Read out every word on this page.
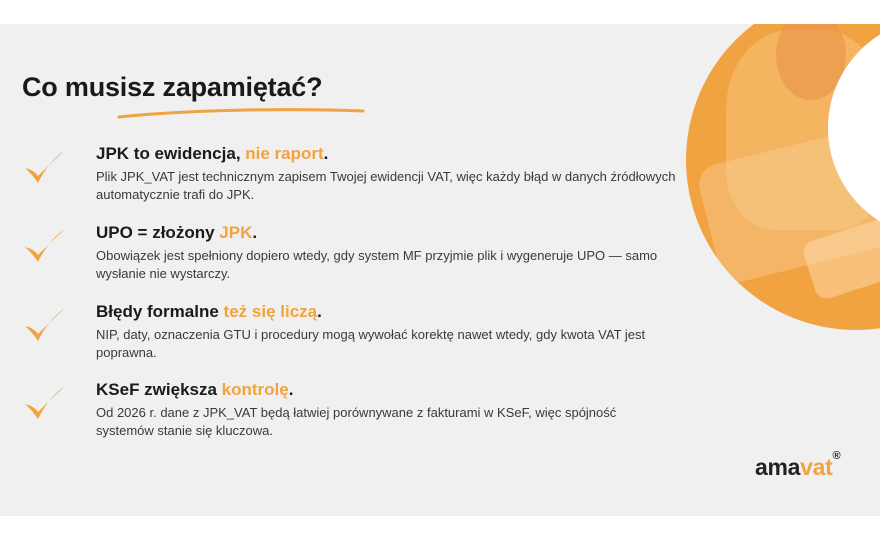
Co musisz zapamiętać?
JPK to ewidencja, nie raport.
Plik JPK_VAT jest technicznym zapisem Twojej ewidencji VAT, więc każdy błąd w danych źródłowych automatycznie trafi do JPK.
UPO = złożony JPK.
Obowiązek jest spełniony dopiero wtedy, gdy system MF przyjmie plik i wygeneruje UPO — samo wysłanie nie wystarczy.
Błędy formalne też się liczą.
NIP, daty, oznaczenia GTU i procedury mogą wywołać korektę nawet wtedy, gdy kwota VAT jest poprawna.
KSeF zwiększa kontrolę.
Od 2026 r. dane z JPK_VAT będą łatwiej porównywane z fakturami w KSeF, więc spójność systemów stanie się kluczowa.
amavat®
